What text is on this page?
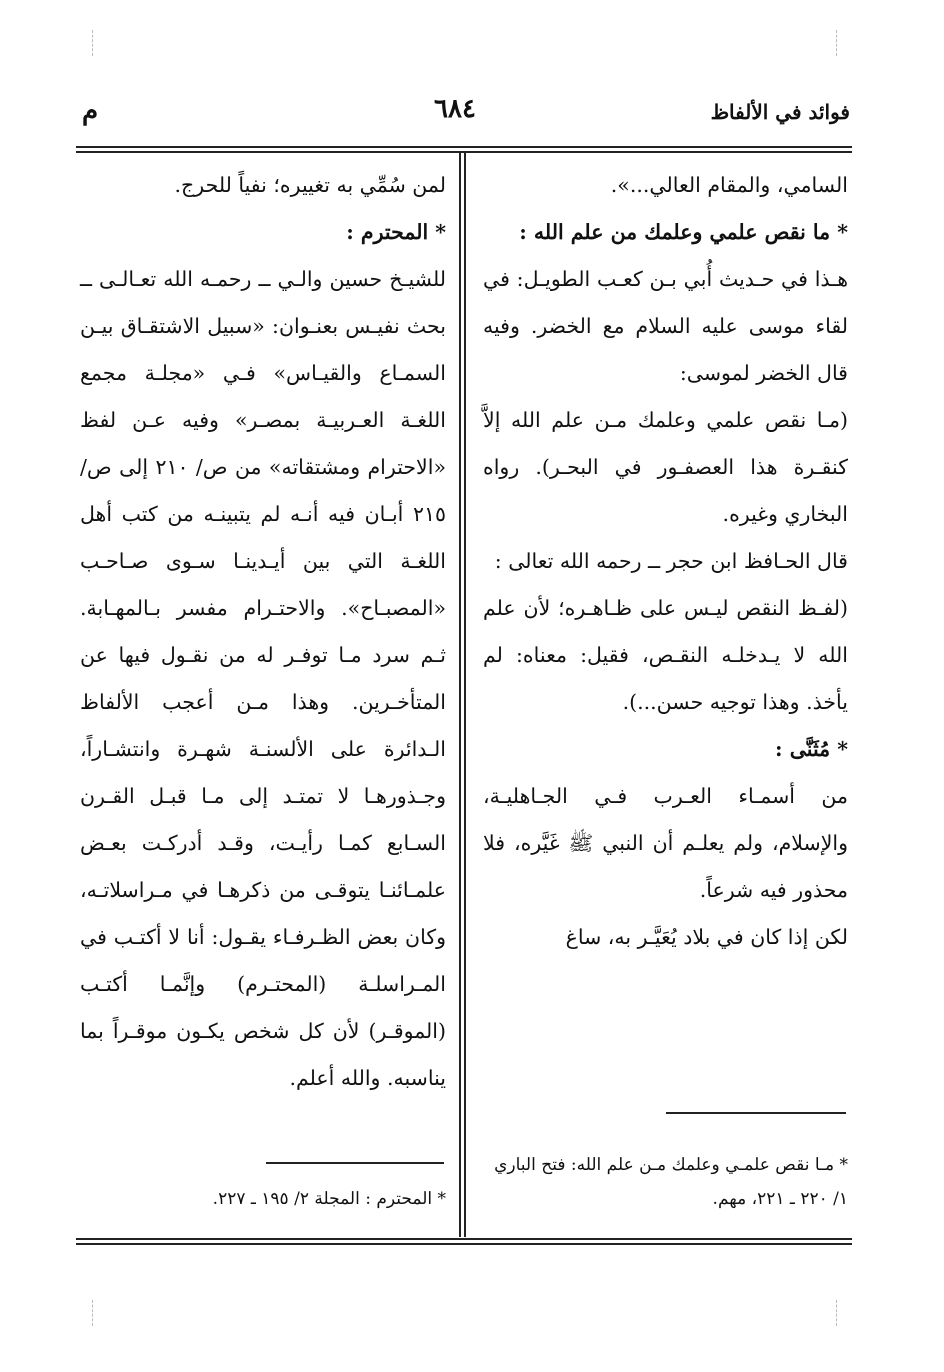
فوائد في الألفاظ
٦٨٤
م

السامي، والمقام العالي...».

* ما نقص علمي وعلمك من علم الله :

هـذا في حـديث أُبي بـن كعـب الطويـل: في لقاء موسى عليه السلام مع الخضر. وفيه قال الخضر لموسى:

(مـا نقص علمي وعلمك مـن علم الله إلاَّ كنقـرة هذا العصفـور في البحـر). رواه البخاري وغيره.

قال الحـافظ ابن حجر ــ رحمه الله تعالى :

(لفـظ النقص ليـس على ظـاهـره؛ لأن علم الله لا يـدخلـه النقـص، فقيل: معناه: لم يأخذ. وهذا توجيه حسن...).

* مُثَنَّى :

من أسمـاء العـرب فـي الجـاهليـة، والإسلام، ولم يعلـم أن النبي ﷺ غَيَّره، فلا محذور فيه شرعاً.

لكن إذا كان في بلاد يُعَيَّـر به، ساغ

* مـا نقص علمـي وعلمك مـن علم الله: فتح الباري ١/ ٢٢٠ ـ ٢٢١، مهم.

لمن سُمِّي به تغييره؛ نفياً للحرج.

* المحترم :

للشيـخ حسين والـي ــ رحمـه الله تعـالـى ــ بحث نفيـس بعنـوان: «سبيل الاشتقـاق بيـن السمـاع والقيـاس» فـي «مجلـة مجمع اللغـة العـربيـة بمصـر» وفيه عـن لفظ «الاحترام ومشتقاته» من ص/ ٢١٠ إلى ص/ ٢١٥ أبـان فيه أنـه لم يتبينـه من كتب أهل اللغـة التي بين أيـدينـا سـوى صـاحـب «المصبـاح». والاحتـرام مفسر بـالمهـابة. ثـم سرد مـا توفـر له من نقـول فيها عن المتأخـرين. وهذا مـن أعجب الألفاظ الـدائرة على الألسنـة شهـرة وانتشـاراً، وجـذورهـا لا تمتـد إلى مـا قبـل القـرن السـابع كمـا رأيـت، وقـد أدركـت بعـض علمـائنـا يتوقـى من ذكرهـا في مـراسلاتـه، وكان بعض الظـرفـاء يقـول: أنا لا أكتـب في المـراسلـة (المحتـرم) وإنَّمـا أكتـب (الموقـر) لأن كل شخص يكـون موقـراً بما يناسبه. والله أعلم.

* المحترم : المجلة ٢/ ١٩٥ ـ ٢٢٧.
